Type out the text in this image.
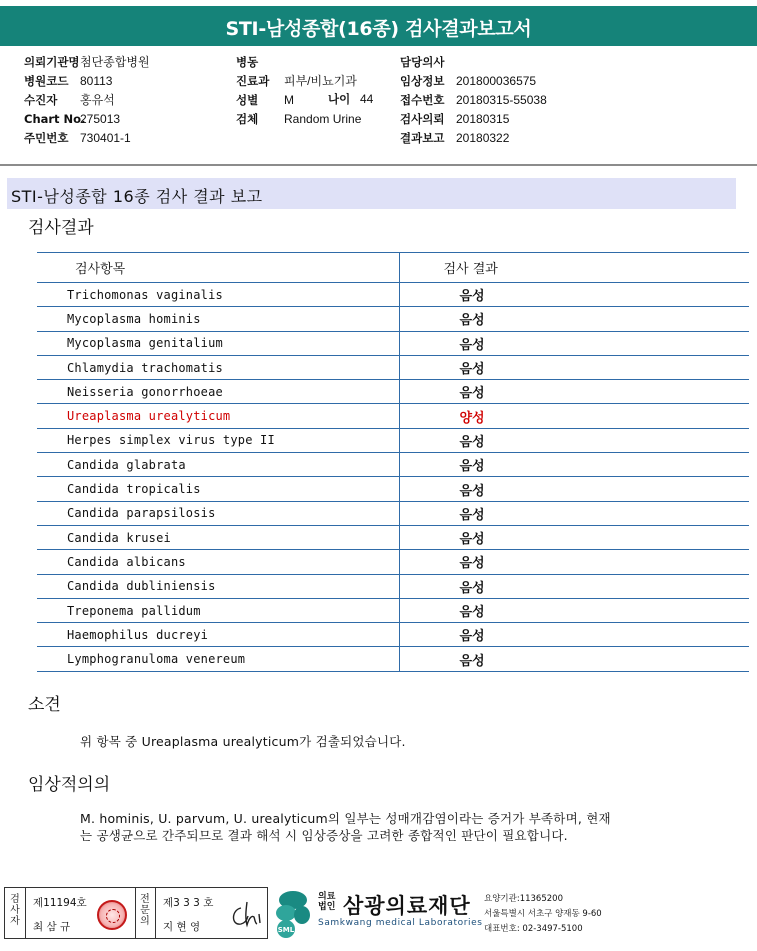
STI-남성종합(16종) 검사결과보고서
의뢰기관명첨단종합병원
병원코드 80113
수진자 홍유석
Chart No.275013
주민번호 730401-1
병동
진료과 피부/비뇨기과
성별 M
검체 Random Urine
담당의사
임상정보 201800036575
접수번호 20180315-55038
검사의뢰 20180315
결과보고 20180322
나이 44
STI-남성종합 16종 검사 결과 보고
검사결과
검사항목	검사 결과
Trichomonas vaginalis	음성
Mycoplasma hominis	음성
Mycoplasma genitalium	음성
Chlamydia trachomatis	음성
Neisseria gonorrhoeae	음성
Ureaplasma urealyticum	양성
Herpes simplex virus type II	음성
Candida glabrata	음성
Candida tropicalis	음성
Candida parapsilosis	음성
Candida krusei	음성
Candida albicans	음성
Candida dubliniensis	음성
Treponema pallidum	음성
Haemophilus ducreyi	음성
Lymphogranuloma venereum	음성
소견
위 항목 중 Ureaplasma urealyticum가 검출되었습니다.
임상적의의
M. hominis, U. parvum, U. urealyticum의 일부는 성매개감염이라는 증거가 부족하며, 현재
는 공생균으로 간주되므로 결과 해석 시 임상증상을 고려한 종합적인 판단이 필요합니다.
검
사
자
제11194호
최 삼 규
전
문
의
제3 3 3 호
지 현 영	SML
의료
법인 삼광의료재단
Samkwang medical Laboratories
요양기관:11365200
서울특별시 서초구 양재동 9-60
대표번호: 02-3497-5100
